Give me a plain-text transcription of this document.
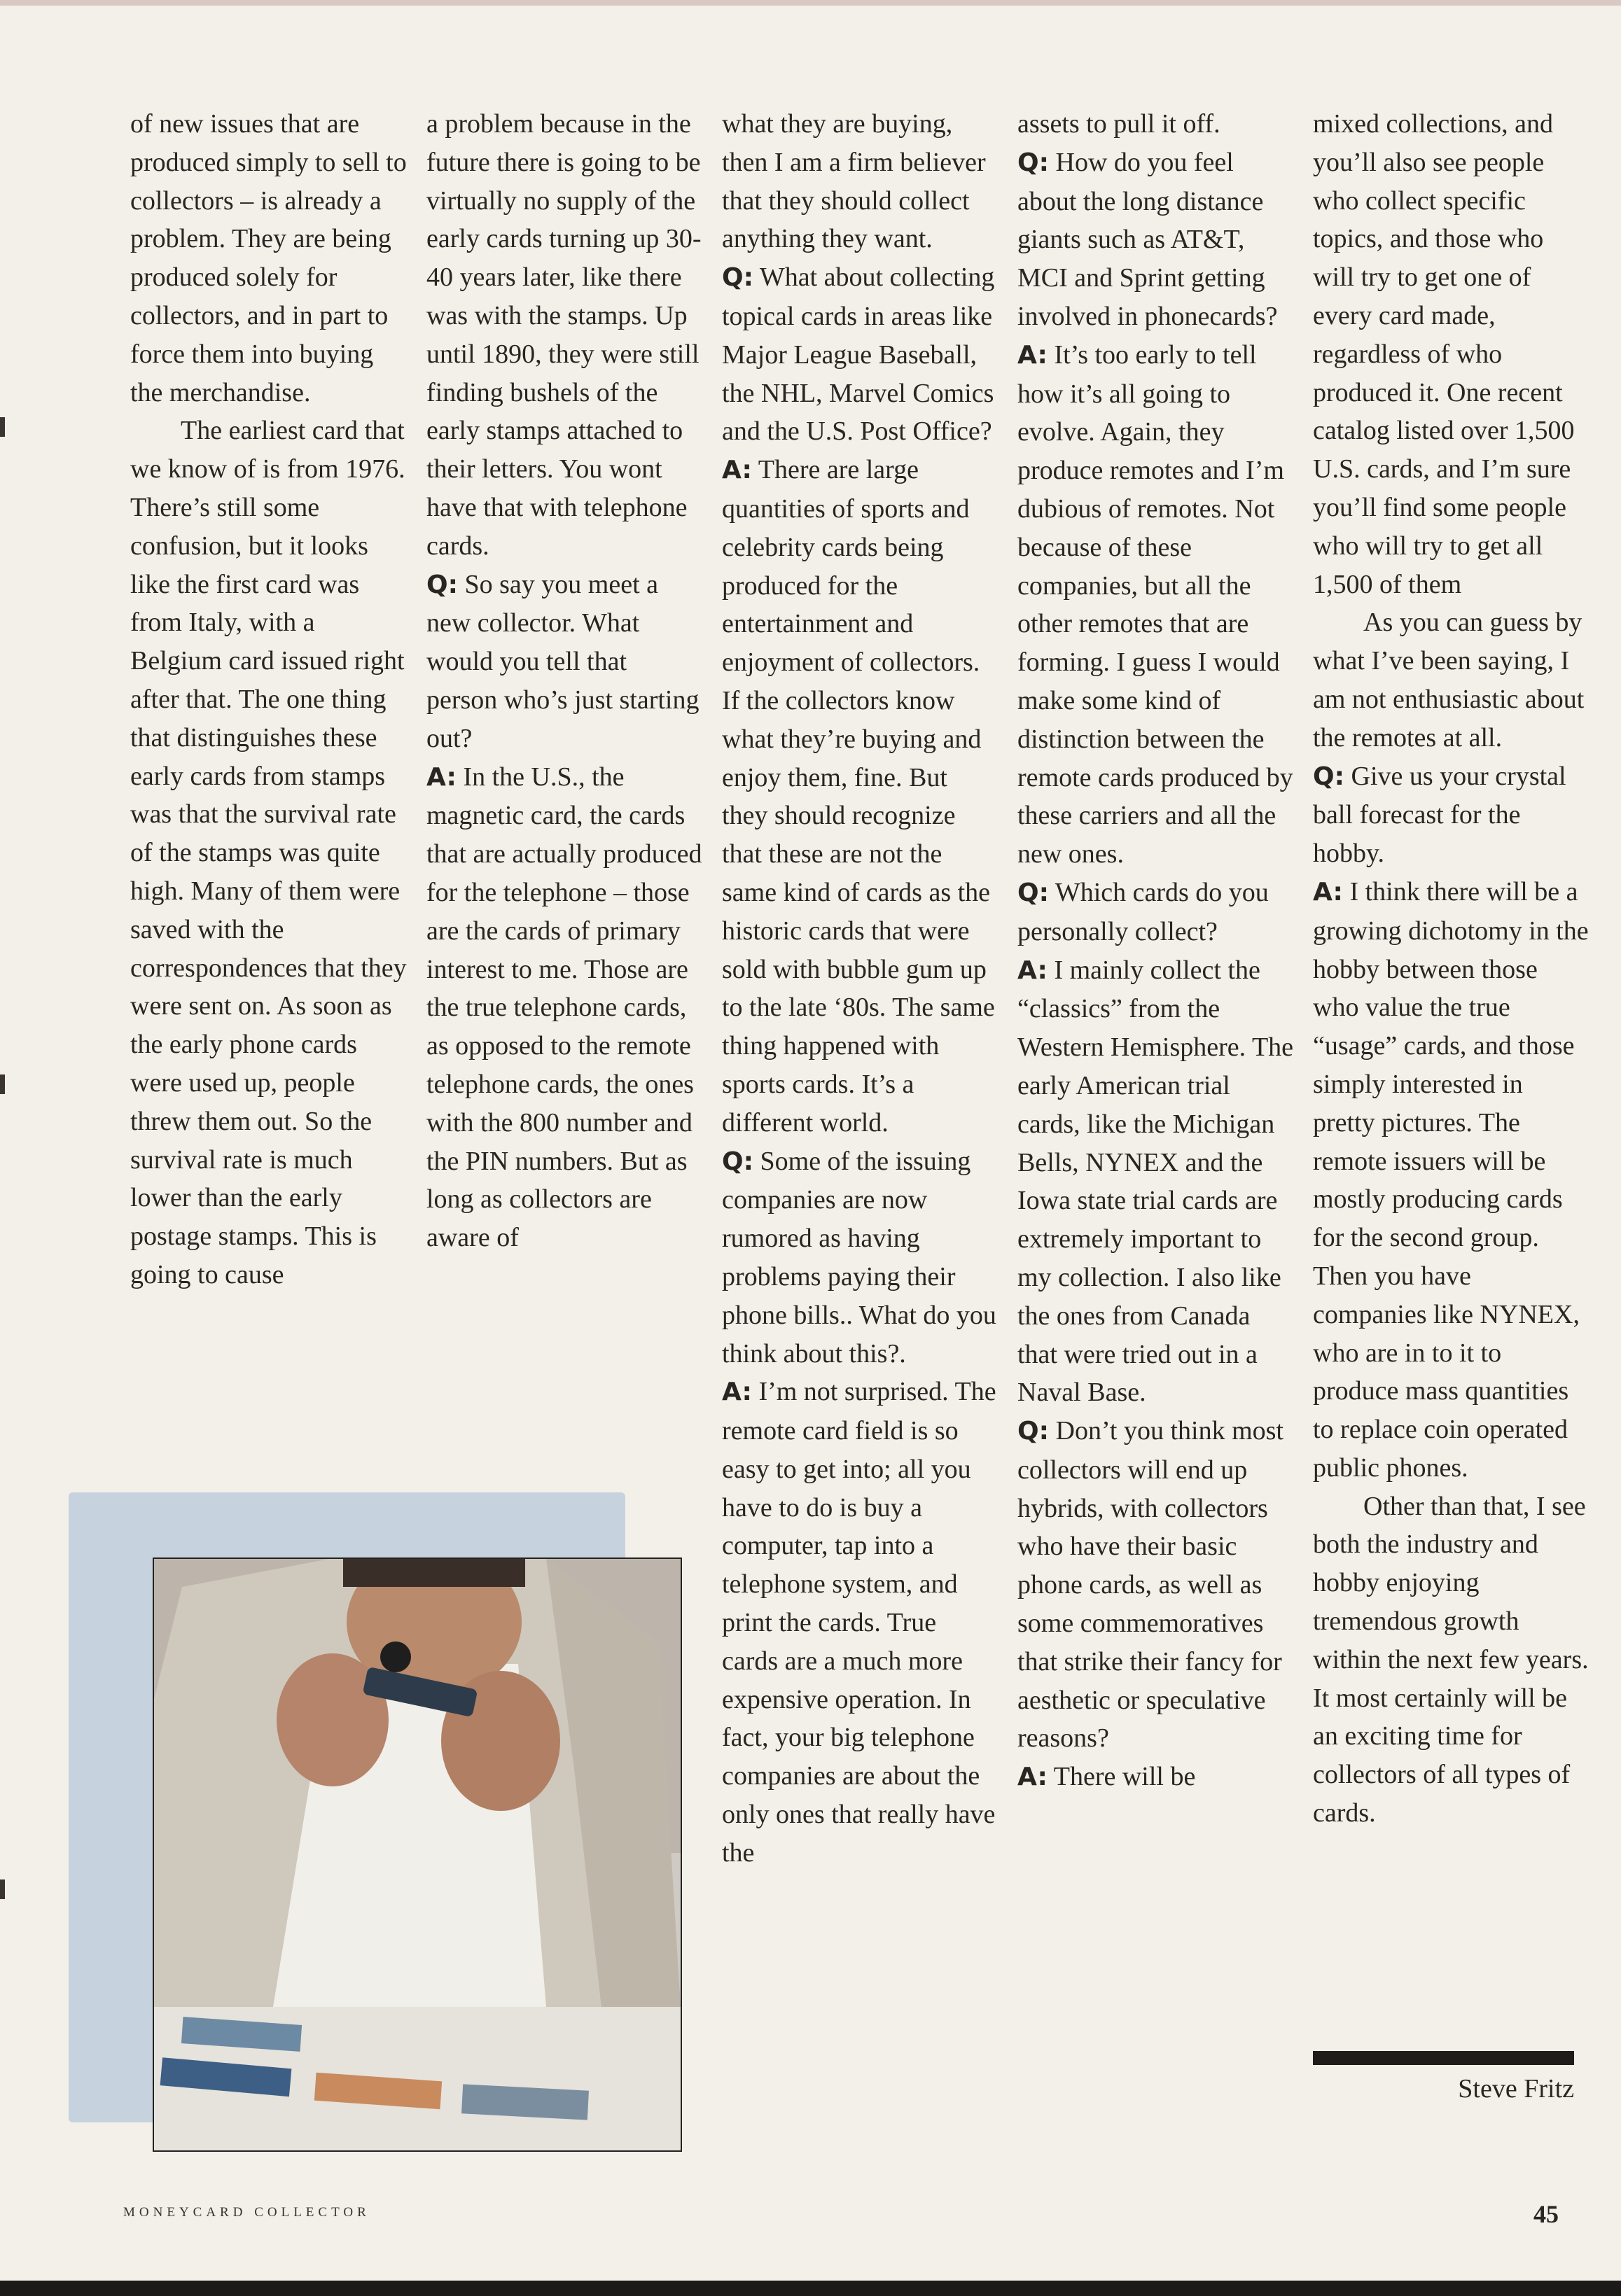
of new issues that are produced simply to sell to collectors – is already a problem. They are being produced solely for collectors, and in part to force them into buying the merchandise.

The earliest card that we know of is from 1976. There’s still some confusion, but it looks like the first card was from Italy, with a Belgium card issued right after that. The one thing that distinguishes these early cards from stamps was that the survival rate of the stamps was quite high. Many of them were saved with the correspondences that they were sent on. As soon as the early phone cards were used up, people threw them out. So the survival rate is much lower than the early postage stamps. This is going to cause

a problem because in the future there is going to be virtually no supply of the early cards turning up 30-40 years later, like there was with the stamps. Up until 1890, they were still finding bushels of the early stamps attached to their letters. You wont have that with telephone cards.

Q: So say you meet a new collector. What would you tell that person who’s just starting out?

A: In the U.S., the magnetic card, the cards that are actually produced for the telephone – those are the cards of primary interest to me. Those are the true telephone cards, as opposed to the remote telephone cards, the ones with the 800 number and the PIN numbers. But as long as collectors are aware of

what they are buying, then I am a firm believer that they should collect anything they want.

Q: What about collecting topical cards in areas like Major League Baseball, the NHL, Marvel Comics and the U.S. Post Office?

A: There are large quantities of sports and celebrity cards being produced for the entertainment and enjoyment of collectors. If the collectors know what they’re buying and enjoy them, fine. But they should recognize that these are not the same kind of cards as the historic cards that were sold with bubble gum up to the late ‘80s. The same thing happened with sports cards. It’s a different world.

Q: Some of the issuing companies are now rumored as having problems paying their phone bills.. What do you think about this?.

A: I’m not surprised. The remote card field is so easy to get into; all you have to do is buy a computer, tap into a telephone system, and print the cards. True cards are a much more expensive operation. In fact, your big telephone companies are about the only ones that really have the

assets to pull it off.

Q: How do you feel about the long distance giants such as AT&T, MCI and Sprint getting involved in phonecards?

A: It’s too early to tell how it’s all going to evolve. Again, they produce remotes and I’m dubious of remotes. Not because of these companies, but all the other remotes that are forming. I guess I would make some kind of distinction between the remote cards produced by these carriers and all the new ones.

Q: Which cards do you personally collect?

A: I mainly collect the “classics” from the Western Hemisphere. The early American trial cards, like the Michigan Bells, NYNEX and the Iowa state trial cards are extremely important to my collection. I also like the ones from Canada that were tried out in a Naval Base.

Q: Don’t you think most collectors will end up hybrids, with collectors who have their basic phone cards, as well as some commemoratives that strike their fancy for aesthetic or speculative reasons?

A: There will be

mixed collections, and you’ll also see people who collect specific topics, and those who will try to get one of every card made, regardless of who produced it. One recent catalog listed over 1,500 U.S. cards, and I’m sure you’ll find some people who will try to get all 1,500 of them

As you can guess by what I’ve been saying, I am not enthusiastic about the remotes at all.

Q: Give us your crystal ball forecast for the hobby.

A: I think there will be a growing dichotomy in the hobby between those who value the true “usage” cards, and those simply interested in pretty pictures. The remote issuers will be mostly producing cards for the second group. Then you have companies like NYNEX, who are in to it to produce mass quantities to replace coin operated public phones.

Other than that, I see both the industry and hobby enjoying tremendous growth within the next few years. It most certainly will be an exciting time for collectors of all types of cards.

Steve Fritz
MONEYCARD COLLECTOR	45
